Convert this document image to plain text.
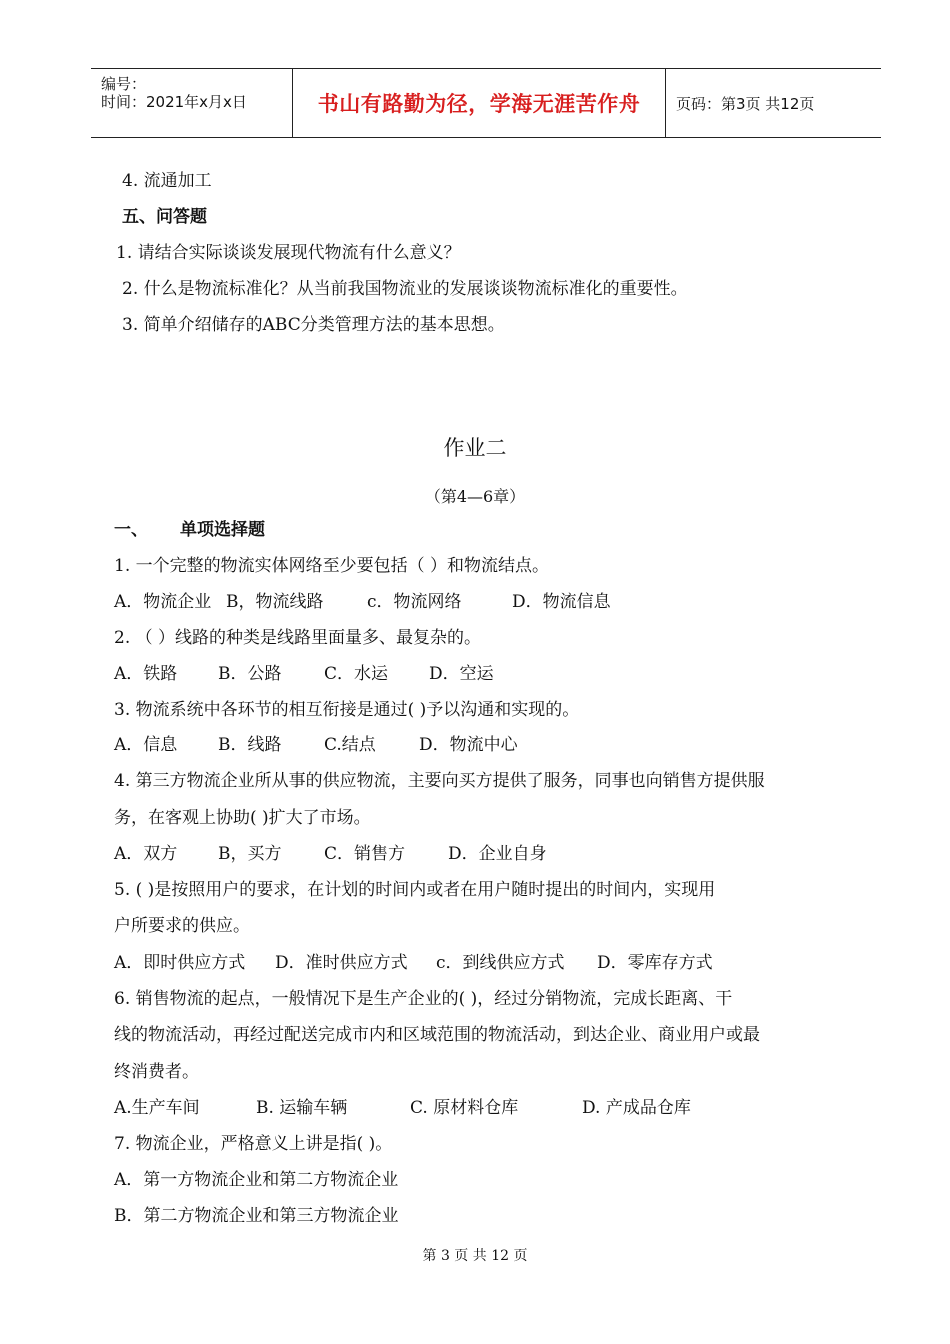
编号：
时间：2021年x月x日	书山有路勤为径，学海无涯苦作舟	页码：第3页 共12页
4. 流通加工
五、问答题
1. 请结合实际谈谈发展现代物流有什么意义？
2. 什么是物流标准化？从当前我国物流业的发展谈谈物流标准化的重要性。
3. 简单介绍储存的ABC分类管理方法的基本思想。
作业二
（第4—6章）
一、 单项选择题
1. 一个完整的物流实体网络至少要包括（ ）和物流结点。
A．物流企业 B，物流线路	c．物流网络	D．物流信息
2. （ ）线路的种类是线路里面量多、最复杂的。
A．铁路 B．公路	C．水运 D．空运
3. 物流系统中各环节的相互衔接是通过( )予以沟通和实现的。
A．信息 B．线路	C.结点	D．物流中心
4. 第三方物流企业所从事的供应物流，主要向买方提供了服务，同事也向销售方提供服
务，在客观上协助( )扩大了市场。
A．双方 B，买方	C．销售方	D．企业自身
5. ( )是按照用户的要求，在计划的时间内或者在用户随时提出的时间内，实现用
户所要求的供应。
A．即时供应方式 D．准时供应方式 c．到线供应方式 D．零库存方式
6. 销售物流的起点，一般情况下是生产企业的( )，经过分销物流，完成长距离、干
线的物流活动，再经过配送完成市内和区域范围的物流活动，到达企业、商业用户或最
终消费者。
A.生产车间	B. 运输车辆	C. 原材料仓库	D. 产成品仓库
7. 物流企业，严格意义上讲是指( )。
A．第一方物流企业和第二方物流企业
B．第二方物流企业和第三方物流企业
第 3 页 共 12 页
